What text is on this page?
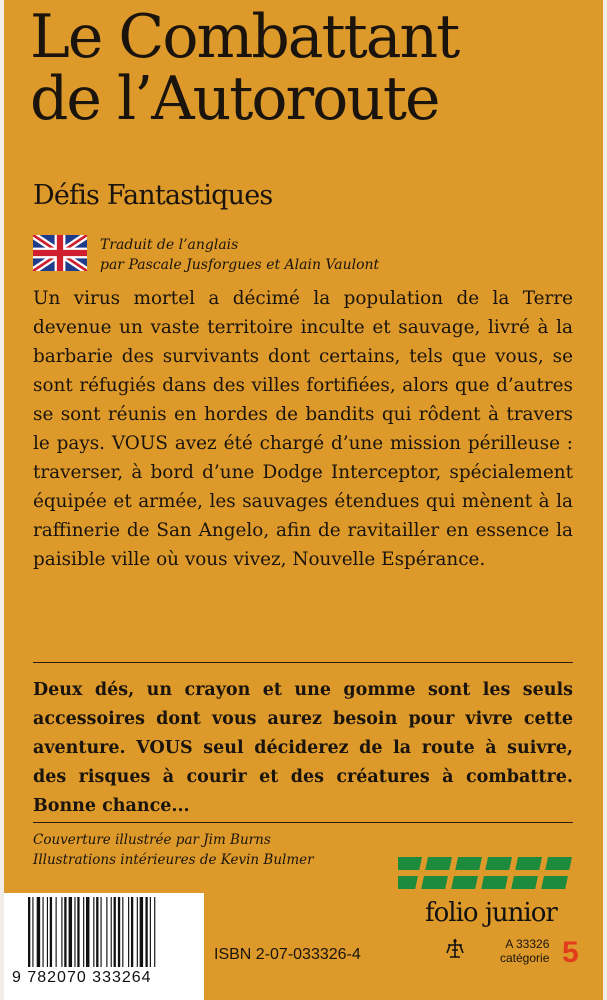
Le Combattant
de l’Autoroute
Défis Fantastiques
Traduit de l’anglais
par Pascale Jusforgues et Alain Vaulont

Un virus mortel a décimé la population de la Terre devenue un vaste territoire inculte et sauvage, livré à la barbarie des survivants dont certains, tels que vous, se sont réfugiés dans des villes fortifiées, alors que d’autres se sont réunis en hordes de bandits qui rôdent à travers le pays. VOUS avez été chargé d’une mission périlleuse : traverser, à bord d’une Dodge Interceptor, spécialement équipée et armée, les sauvages étendues qui mènent à la raffinerie de San Angelo, afin de ravitailler en essence la paisible ville où vous vivez, Nouvelle Espérance.

Deux dés, un crayon et une gomme sont les seuls accessoires dont vous aurez besoin pour vivre cette aventure. VOUS seul déciderez de la route à suivre, des risques à courir et des créatures à combattre. Bonne chance...

Couverture illustrée par Jim Burns
Illustrations intérieures de Kevin Bulmer
9 782070 333264
ISBN 2-07-033326-4
folio junior
A 33326
catégorie 5
